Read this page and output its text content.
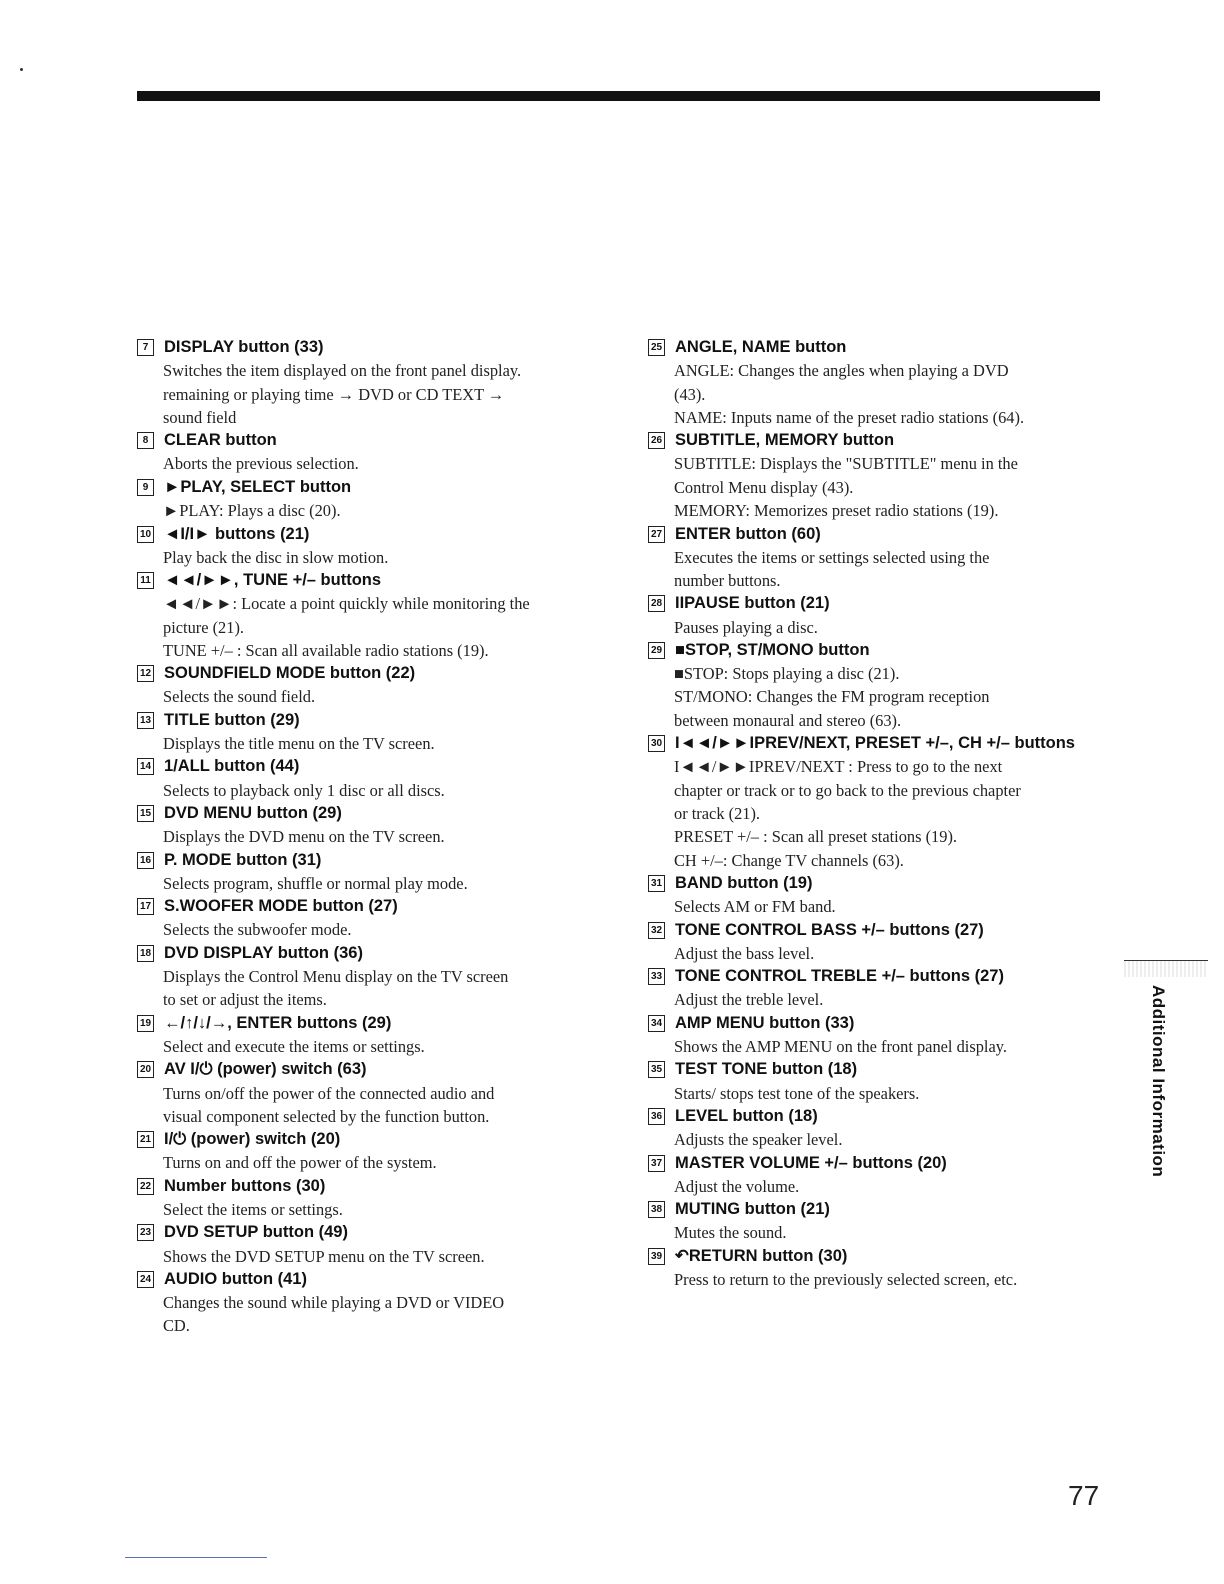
7 DISPLAY button (33)
Switches the item displayed on the front panel display.
remaining or playing time → DVD or CD TEXT →
sound field
8 CLEAR button
Aborts the previous selection.
9 ►PLAY, SELECT button
►PLAY: Plays a disc (20).
10 ◄I/I► buttons (21)
Play back the disc in slow motion.
11 ◄◄/►►, TUNE +/– buttons
◄◄/►►: Locate a point quickly while monitoring the
picture (21).
TUNE +/– : Scan all available radio stations (19).
12 SOUNDFIELD MODE button (22)
Selects the sound field.
13 TITLE button (29)
Displays the title menu on the TV screen.
14 1/ALL button (44)
Selects to playback only 1 disc or all discs.
15 DVD MENU button (29)
Displays the DVD menu on the TV screen.
16 P. MODE button (31)
Selects program, shuffle or normal play mode.
17 S.WOOFER MODE button (27)
Selects the subwoofer mode.
18 DVD DISPLAY button (36)
Displays the Control Menu display on the TV screen
to set or adjust the items.
19 ←/↑/↓/→, ENTER buttons (29)
Select and execute the items or settings.
20 AV I/⏻ (power) switch (63)
Turns on/off the power of the connected audio and
visual component selected by the function button.
21 I/⏻ (power) switch (20)
Turns on and off the power of the system.
22 Number buttons (30)
Select the items or settings.
23 DVD SETUP button (49)
Shows the DVD SETUP menu on the TV screen.
24 AUDIO button (41)
Changes the sound while playing a DVD or VIDEO
CD.
25 ANGLE, NAME button
ANGLE: Changes the angles when playing a DVD
(43).
NAME: Inputs name of the preset radio stations (64).
26 SUBTITLE, MEMORY button
SUBTITLE: Displays the "SUBTITLE" menu in the
Control Menu display (43).
MEMORY: Memorizes preset radio stations (19).
27 ENTER button (60)
Executes the items or settings selected using the
number buttons.
28 IIPAUSE button (21)
Pauses playing a disc.
29 ■STOP, ST/MONO button
■STOP: Stops playing a disc (21).
ST/MONO: Changes the FM program reception
between monaural and stereo (63).
30 I◄◄/►►IPREV/NEXT, PRESET +/–, CH +/– buttons
I◄◄/►►IPREV/NEXT : Press to go to the next
chapter or track or to go back to the previous chapter
or track (21).
PRESET +/– : Scan all preset stations (19).
CH +/–: Change TV channels (63).
31 BAND button (19)
Selects AM or FM band.
32 TONE CONTROL BASS +/– buttons (27)
Adjust the bass level.
33 TONE CONTROL TREBLE +/– buttons (27)
Adjust the treble level.
34 AMP MENU button (33)
Shows the AMP MENU on the front panel display.
35 TEST TONE button (18)
Starts/ stops test tone of the speakers.
36 LEVEL button (18)
Adjusts the speaker level.
37 MASTER VOLUME +/– buttons (20)
Adjust the volume.
38 MUTING button (21)
Mutes the sound.
39 ↶RETURN button (30)
Press to return to the previously selected screen, etc.
Additional Information
77
